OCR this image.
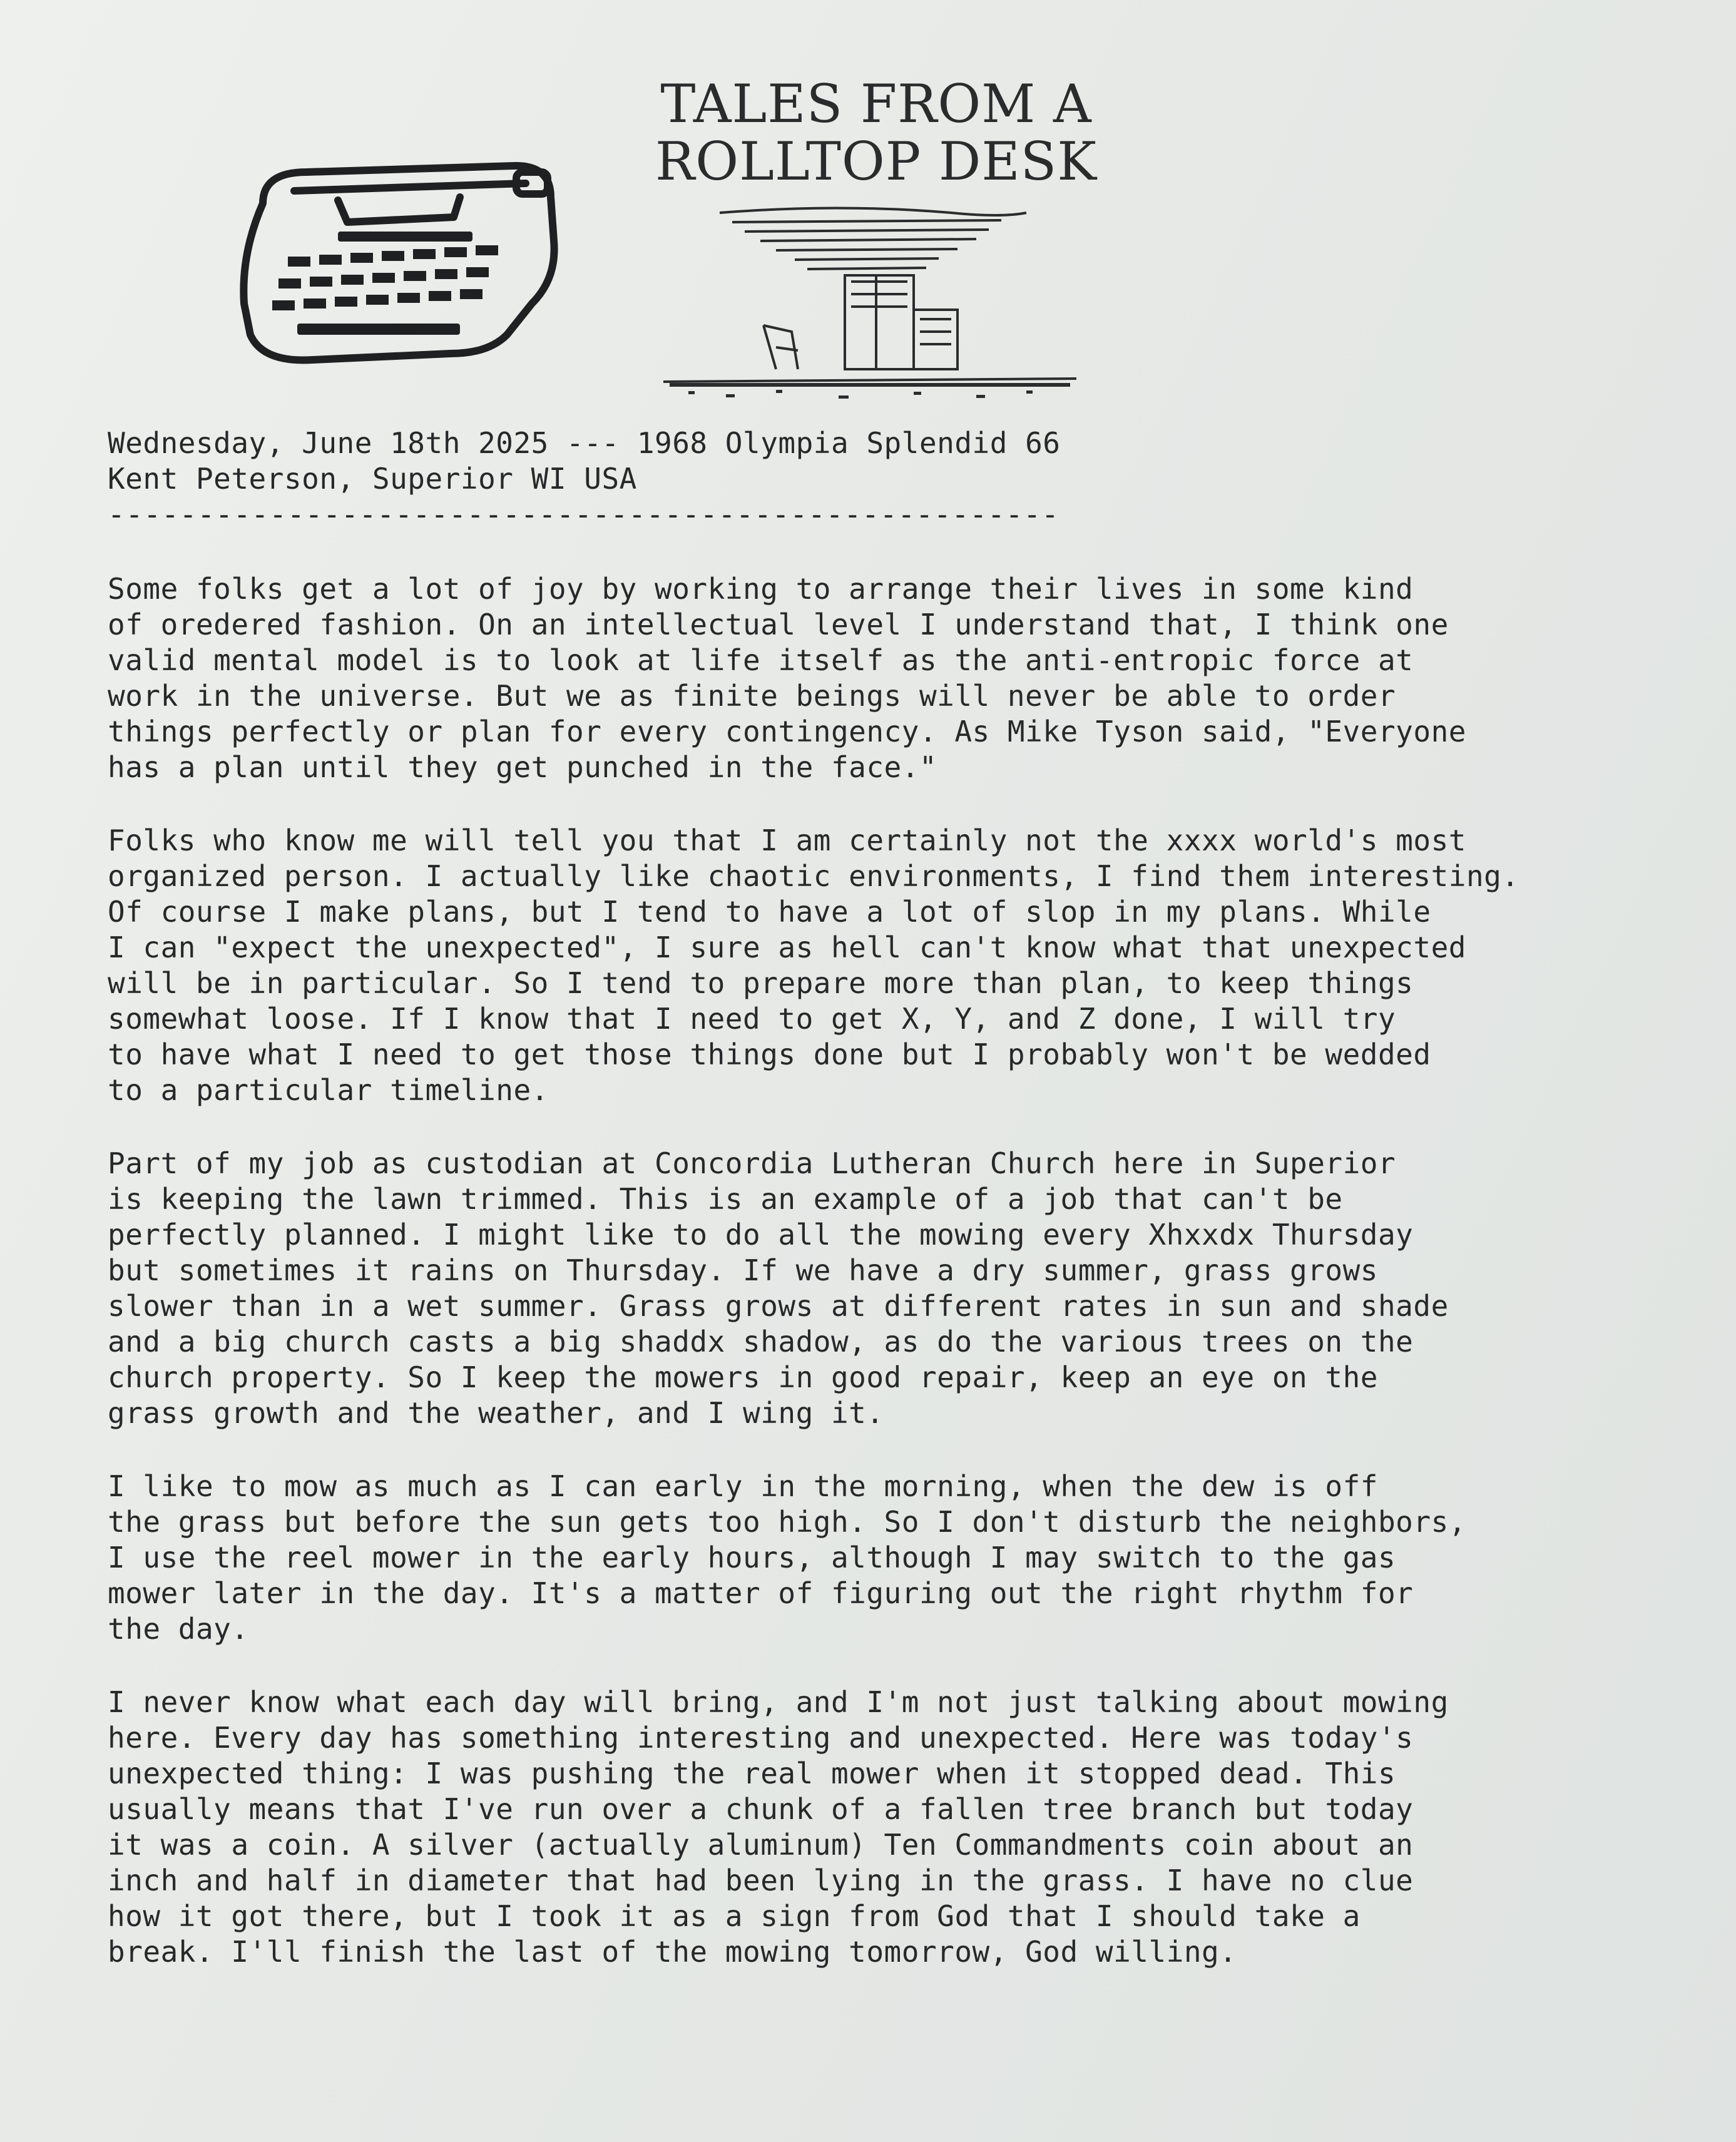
TALES FROM A
ROLLTOP DESK
Wednesday, June 18th 2025 --- 1968 Olympia Splendid 66
Kent Peterson, Superior WI USA
-----------------------------------------------------
Some folks get a lot of joy by working to arrange their lives in some kind
of oredered fashion. On an intellectual level I understand that, I think one
valid mental model is to look at life itself as the anti-entropic force at
work in the universe. But we as finite beings will never be able to order
things perfectly or plan for every contingency. As Mike Tyson said, "Everyone
has a plan until they get punched in the face."
Folks who know me will tell you that I am certainly not the xxxx world's most
organized person. I actually like chaotic environments, I find them interesting.
Of course I make plans, but I tend to have a lot of slop in my plans. While
I can "expect the unexpected", I sure as hell can't know what that unexpected
will be in particular. So I tend to prepare more than plan, to keep things
somewhat loose. If I know that I need to get X, Y, and Z done, I will try
to have what I need to get those things done but I probably won't be wedded
to a particular timeline.
Part of my job as custodian at Concordia Lutheran Church here in Superior
is keeping the lawn trimmed. This is an example of a job that can't be
perfectly planned. I might like to do all the mowing every Xhxxdx Thursday
but sometimes it rains on Thursday. If we have a dry summer, grass grows
slower than in a wet summer. Grass grows at different rates in sun and shade
and a big church casts a big shaddx shadow, as do the various trees on the
church property. So I keep the mowers in good repair, keep an eye on the
grass growth and the weather, and I wing it.
I like to mow as much as I can early in the morning, when the dew is off
the grass but before the sun gets too high. So I don't disturb the neighbors,
I use the reel mower in the early hours, although I may switch to the gas
mower later in the day. It's a matter of figuring out the right rhythm for
the day.
I never know what each day will bring, and I'm not just talking about mowing
here. Every day has something interesting and unexpected. Here was today's
unexpected thing: I was pushing the real mower when it stopped dead. This
usually means that I've run over a chunk of a fallen tree branch but today
it was a coin. A silver (actually aluminum) Ten Commandments coin about an
inch and half in diameter that had been lying in the grass. I have no clue
how it got there, but I took it as a sign from God that I should take a
break. I'll finish the last of the mowing tomorrow, God willing.
